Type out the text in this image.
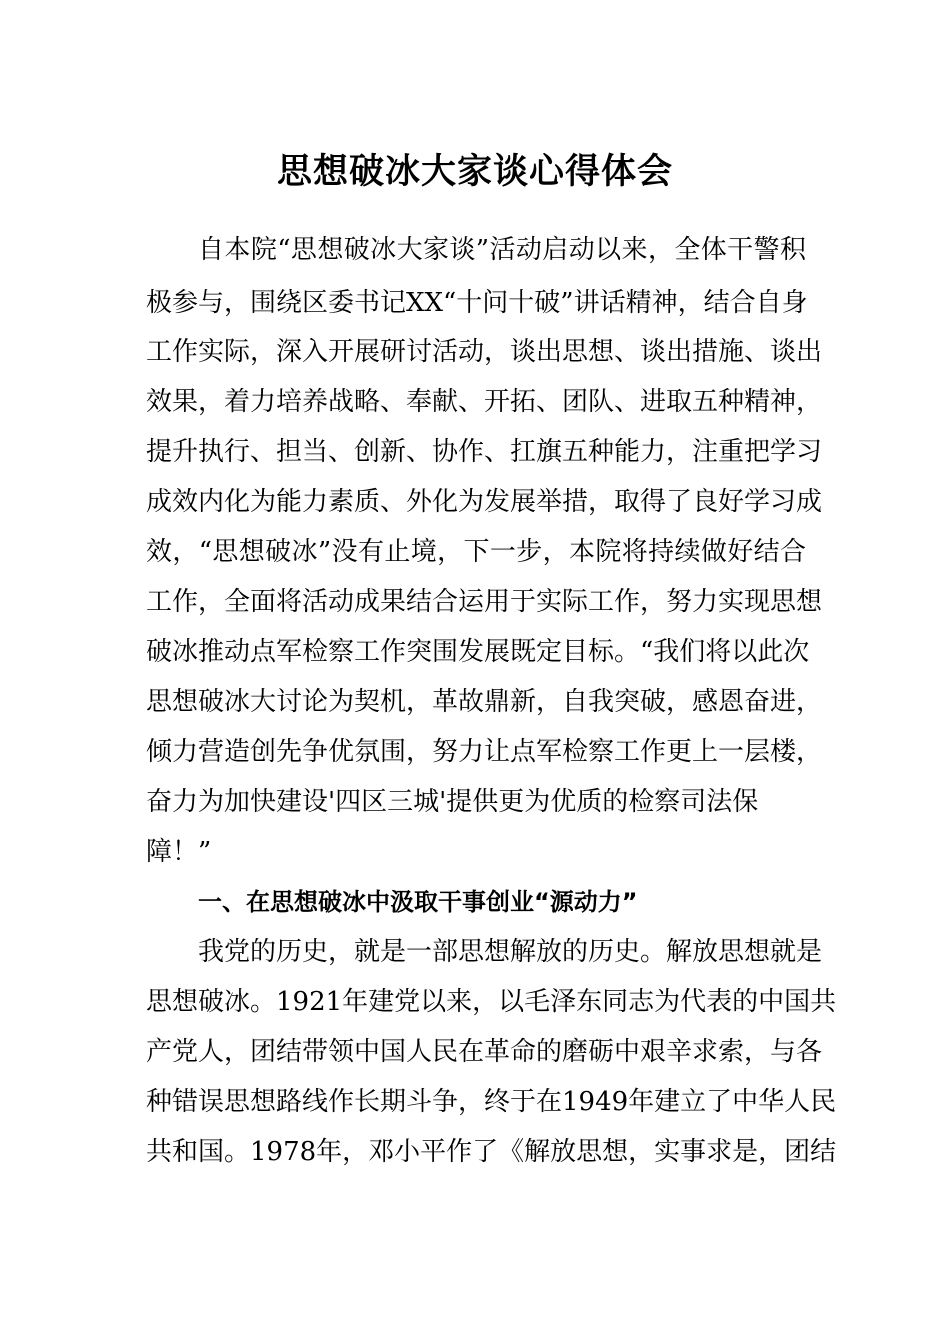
思想破冰大家谈心得体会

自本院“思想破冰大家谈”活动启动以来，全体干警积

极参与，围绕区委书记XX“十问十破”讲话精神，结合自身

工作实际，深入开展研讨活动，谈出思想、谈出措施、谈出

效果，着力培养战略、奉献、开拓、团队、进取五种精神，

提升执行、担当、创新、协作、扛旗五种能力，注重把学习

成效内化为能力素质、外化为发展举措，取得了良好学习成

效，“思想破冰”没有止境，下一步，本院将持续做好结合

工作，全面将活动成果结合运用于实际工作，努力实现思想

破冰推动点军检察工作突围发展既定目标。“我们将以此次

思想破冰大讨论为契机，革故鼎新，自我突破，感恩奋进，

倾力营造创先争优氛围，努力让点军检察工作更上一层楼，

奋力为加快建设'四区三城'提供更为优质的检察司法保

障！”

一、在思想破冰中汲取干事创业“源动力”

我党的历史，就是一部思想解放的历史。解放思想就是

思想破冰。1921年建党以来，以毛泽东同志为代表的中国共

产党人，团结带领中国人民在革命的磨砺中艰辛求索，与各

种错误思想路线作长期斗争，终于在1949年建立了中华人民

共和国。1978年，邓小平作了《解放思想，实事求是，团结
